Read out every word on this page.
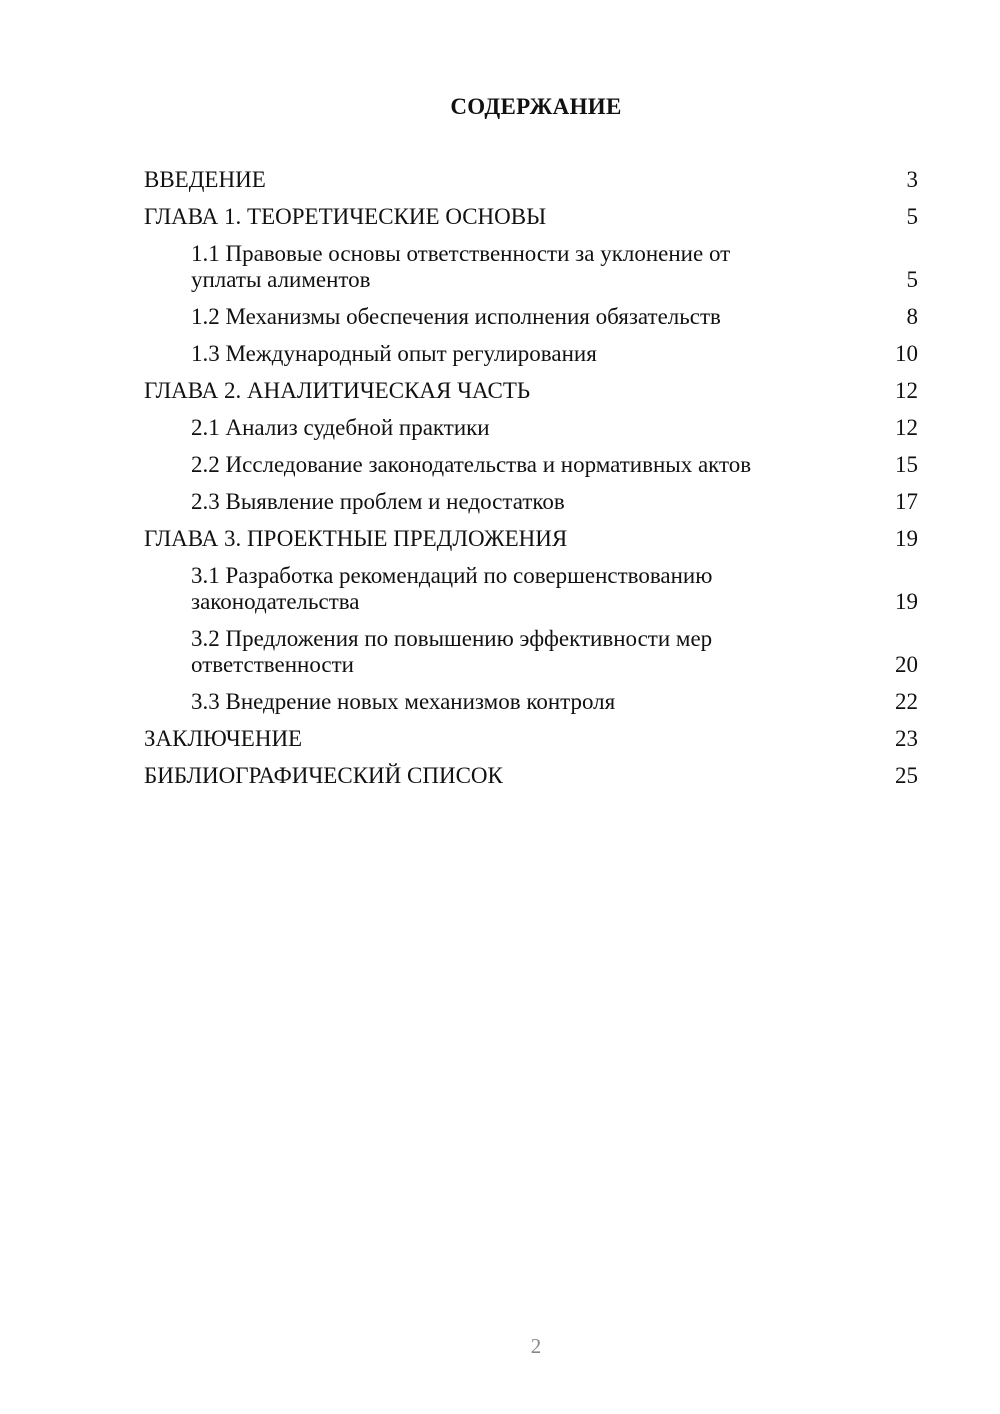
СОДЕРЖАНИЕ
ВВЕДЕНИЕ	3
ГЛАВА 1. ТЕОРЕТИЧЕСКИЕ ОСНОВЫ	5
1.1 Правовые основы ответственности за уклонение от уплаты алиментов	5
1.2 Механизмы обеспечения исполнения обязательств	8
1.3 Международный опыт регулирования	10
ГЛАВА 2. АНАЛИТИЧЕСКАЯ ЧАСТЬ	12
2.1 Анализ судебной практики	12
2.2 Исследование законодательства и нормативных актов	15
2.3 Выявление проблем и недостатков	17
ГЛАВА 3. ПРОЕКТНЫЕ ПРЕДЛОЖЕНИЯ	19
3.1 Разработка рекомендаций по совершенствованию законодательства	19
3.2 Предложения по повышению эффективности мер ответственности	20
3.3 Внедрение новых механизмов контроля	22
ЗАКЛЮЧЕНИЕ	23
БИБЛИОГРАФИЧЕСКИЙ СПИСОК	25
2
